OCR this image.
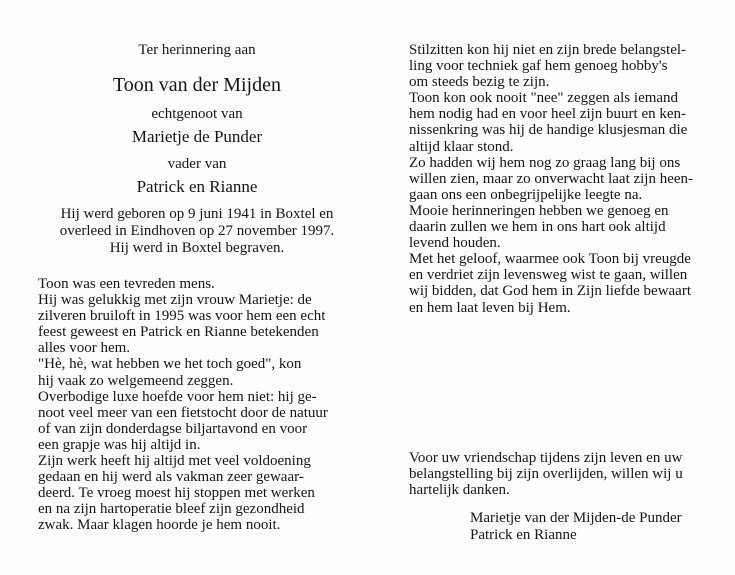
Ter herinnering aan

Toon van der Mijden

echtgenoot van

Marietje de Punder

vader van

Patrick en Rianne

Hij werd geboren op 9 juni 1941 in Boxtel en

overleed in Eindhoven op 27 november 1997.

Hij werd in Boxtel begraven.

Toon was een tevreden mens.

Hij was gelukkig met zijn vrouw Marietje: de
zilveren bruiloft in 1995 was voor hem een echt
feest geweest en Patrick en Rianne betekenden
alles voor hem.

"Hè, hè, wat hebben we het toch goed", kon
hij vaak zo welgemeend zeggen.

Overbodige luxe hoefde voor hem niet: hij ge-
noot veel meer van een fietstocht door de natuur
of van zijn donderdagse biljartavond en voor
een grapje was hij altijd in.

Zijn werk heeft hij altijd met veel voldoening
gedaan en hij werd als vakman zeer gewaar-
deerd. Te vroeg moest hij stoppen met werken
en na zijn hartoperatie bleef zijn gezondheid
zwak. Maar klagen hoorde je hem nooit.

Stilzitten kon hij niet en zijn brede belangstel-
ling voor techniek gaf hem genoeg hobby's
om steeds bezig te zijn.

Toon kon ook nooit "nee" zeggen als iemand
hem nodig had en voor heel zijn buurt en ken-
nissenkring was hij de handige klusjesman die
altijd klaar stond.

Zo hadden wij hem nog zo graag lang bij ons
willen zien, maar zo onverwacht laat zijn heen-
gaan ons een onbegrijpelijke leegte na.

Mooie herinneringen hebben we genoeg en
daarin zullen we hem in ons hart ook altijd
levend houden.

Met het geloof, waarmee ook Toon bij vreugde
en verdriet zijn levensweg wist te gaan, willen
wij bidden, dat God hem in Zijn liefde bewaart
en hem laat leven bij Hem.

Voor uw vriendschap tijdens zijn leven en uw
belangstelling bij zijn overlijden, willen wij u
hartelijk danken.

Marietje van der Mijden-de Punder

Patrick en Rianne
